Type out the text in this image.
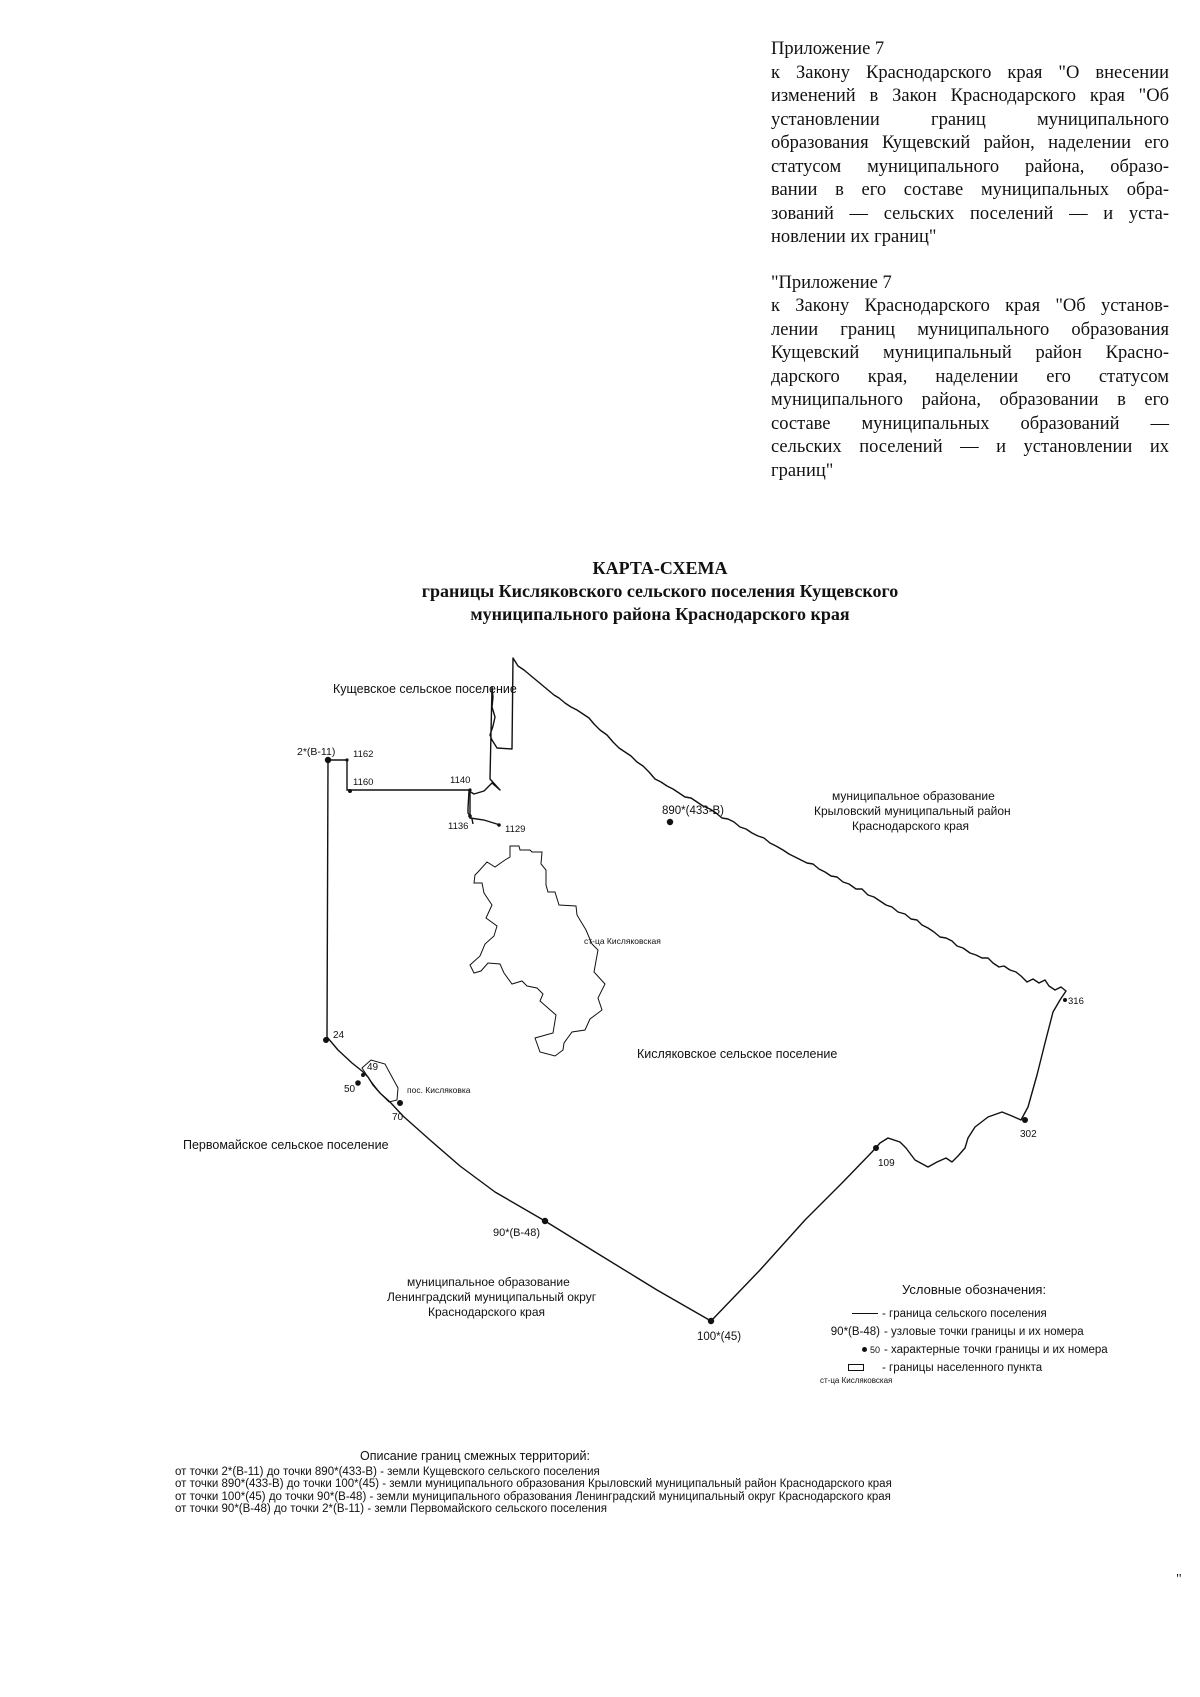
Приложение 7
к Закону Краснодарского края "О внесении
изменений в Закон Краснодарского края "Об
установлении границ муниципального
образования Кущевский район, наделении его
статусом муниципального района, образо-
вании в его составе муниципальных обра-
зований — сельских поселений — и уста-
новлении их границ"
"Приложение 7
к Закону Краснодарского края "Об установ-
лении границ муниципального образования
Кущевский муниципальный район Красно-
дарского края, наделении его статусом
муниципального района, образовании в его
составе муниципальных образований —
сельских поселений — и установлении их
границ"
КАРТА-СХЕМА
границы Кисляковского сельского поселения Кущевского
муниципального района Краснодарского края
2*(В-11) 1162
1160	1140
1136	1129
890*(433-В)
316
302
109
100*(45)
90*(В-48)
70
50
49
24
Кущевское сельское поселение
муниципальное образование
Крыловский муниципальный район
Краснодарского края
Первомайское сельское поселение
муниципальное образование
Ленинградский муниципальный округ
Краснодарского края
Кисляковское сельское поселение
ст-ца Кисляковская
пос. Кисляковка
Условные обозначения:
- граница сельского поселения
90*(В-48) - узловые точки границы и их номера
50 - характерные точки границы и их номера
- границы населенного пункта
ст-ца Кисляковская
Описание границ смежных территорий:
от точки 2*(В-11) до точки 890*(433-В) - земли Кущевского сельского поселения
от точки 890*(433-В) до точки 100*(45) - земли муниципального образования Крыловский муниципальный район Краснодарского края
от точки 100*(45) до точки 90*(В-48) - земли муниципального образования Ленинградский муниципальный округ Краснодарского края
от точки 90*(В-48) до точки 2*(В-11) - земли Первомайского сельского поселения
"
